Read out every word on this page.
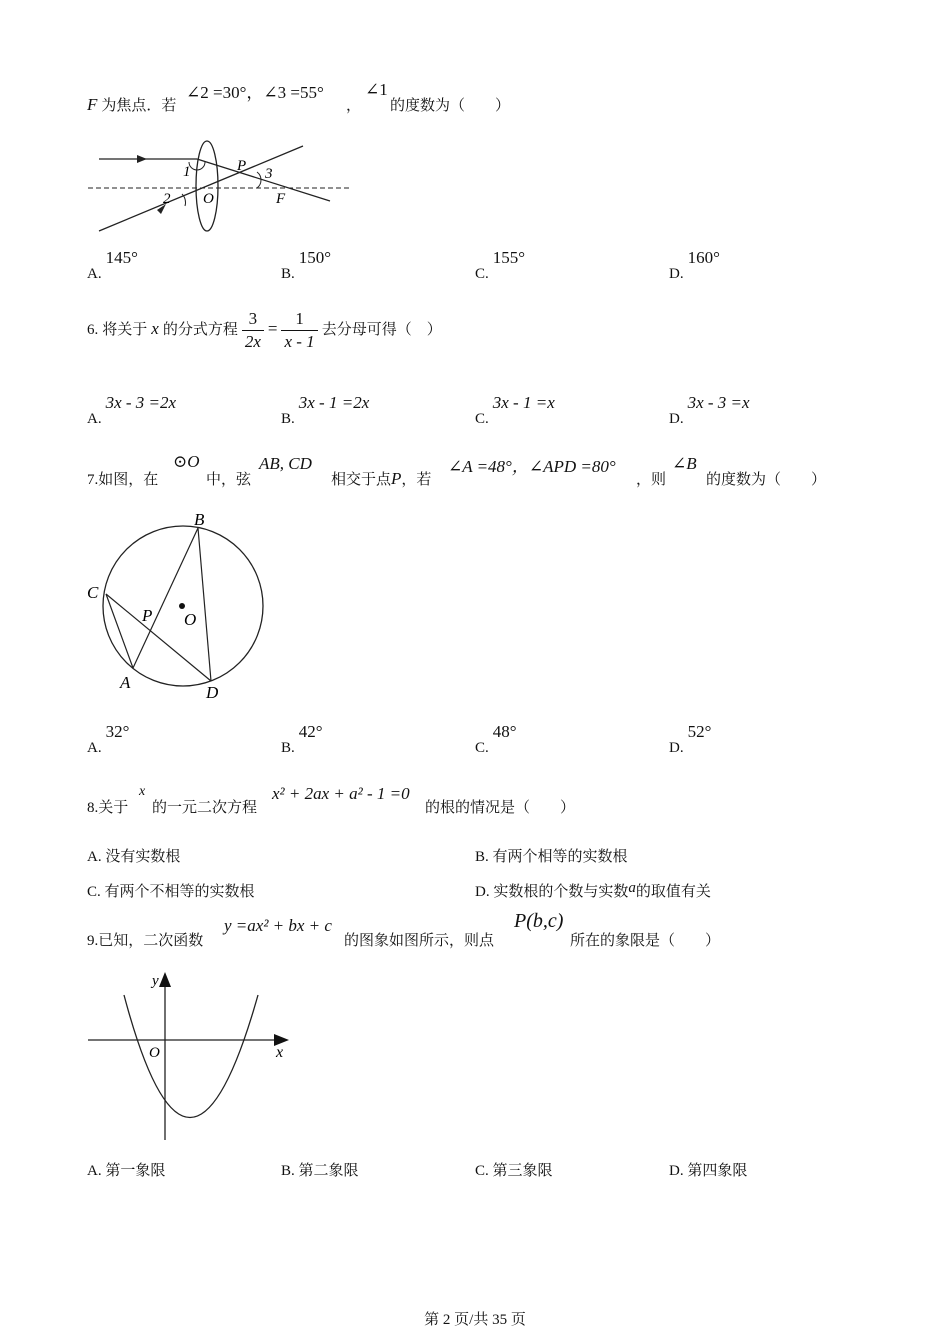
F 为焦点．若
∠2 =30°，∠3 =55°
，
∠1
的度数为（　　）
1
2
3
P
O	F
A. 145°
B. 150°
C. 155°
D. 160°
6. 将关于 x 的分式方程 $\frac{3}{2x} = \frac{1}{x - 1}$ 去分母可得（　）
A. 3x - 3 =2x
B. 3x - 1 =2x
C. 3x - 1 =x
D. 3x - 3 =x
7.如图，在
⊙O
中，弦
AB, CD
相交于点P，若
∠A =48°，∠APD =80°
，则
∠B
的度数为（　　）
B
C
P O
A
D
A. 32°
B. 42°
C. 48°
D. 52°
8.关于
x
的一元二次方程
x² + 2ax + a² - 1 =0
的根的情况是（　　）
A. 没有实数根	B. 有两个相等的实数根
C. 有两个不相等的实数根	D. 实数根的个数与实数a的取值有关
9.已知，二次函数
y =ax² + bx + c
的图象如图所示，则点
P(b,c)
所在的象限是（　　）
y
x
O
A. 第一象限	B. 第二象限	C. 第三象限	D. 第四象限
第 2 页/共 35 页
